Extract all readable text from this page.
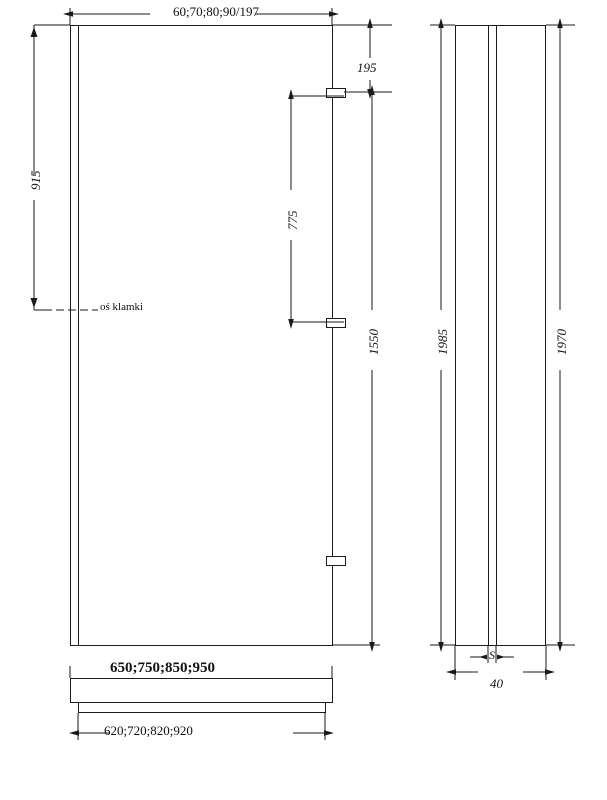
60;70;80;90/197
915
oś klamki
195
775
1550	1985	1970
S
40
650;750;850;950
620;720;820;920
